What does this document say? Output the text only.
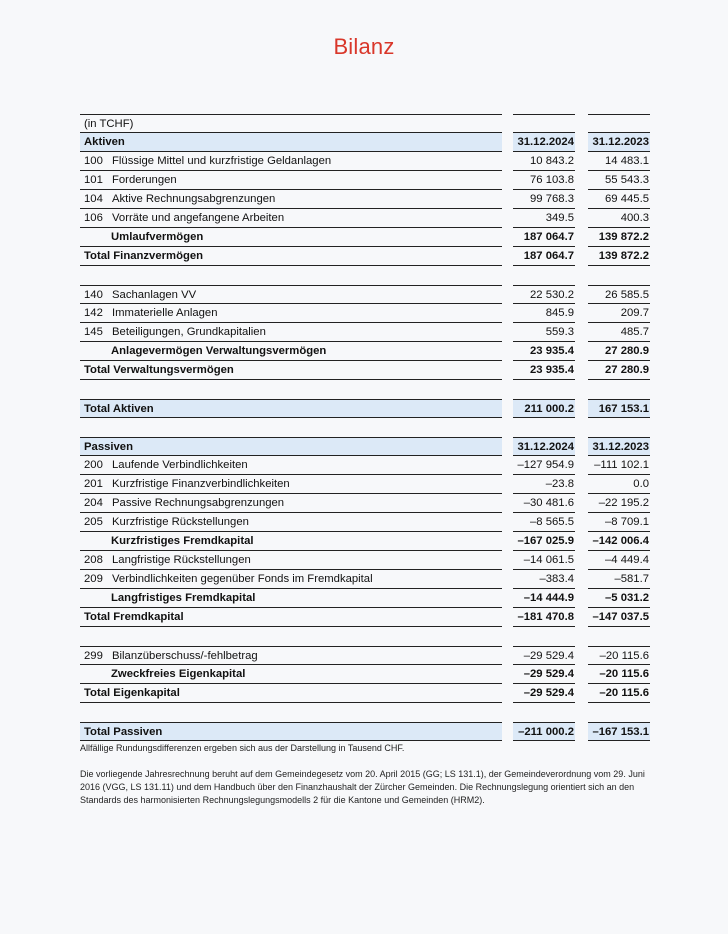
Bilanz
(in TCHF)
Aktiven	31.12.2024	31.12.2023
100 Flüssige Mittel und kurzfristige Geldanlagen	10 843.2	14 483.1
101 Forderungen	76 103.8	55 543.3
104 Aktive Rechnungsabgrenzungen	99 768.3	69 445.5
106 Vorräte und angefangene Arbeiten	349.5	400.3
Umlaufvermögen	187 064.7	139 872.2
Total Finanzvermögen	187 064.7	139 872.2
140 Sachanlagen VV	22 530.2	26 585.5
142 Immaterielle Anlagen	845.9	209.7
145 Beteiligungen, Grundkapitalien	559.3	485.7
Anlagevermögen Verwaltungsvermögen	23 935.4	27 280.9
Total Verwaltungsvermögen	23 935.4	27 280.9
Total Aktiven	211 000.2	167 153.1
Passiven	31.12.2024	31.12.2023
200 Laufende Verbindlichkeiten	–127 954.9	–111 102.1
201 Kurzfristige Finanzverbindlichkeiten	–23.8	0.0
204 Passive Rechnungsabgrenzungen	–30 481.6	–22 195.2
205 Kurzfristige Rückstellungen	–8 565.5	–8 709.1
Kurzfristiges Fremdkapital	–167 025.9	–142 006.4
208 Langfristige Rückstellungen	–14 061.5	–4 449.4
209 Verbindlichkeiten gegenüber Fonds im Fremdkapital	–383.4	–581.7
Langfristiges Fremdkapital	–14 444.9	–5 031.2
Total Fremdkapital	–181 470.8	–147 037.5
299 Bilanzüberschuss/-fehlbetrag	–29 529.4	–20 115.6
Zweckfreies Eigenkapital	–29 529.4	–20 115.6
Total Eigenkapital	–29 529.4	–20 115.6
Total Passiven	–211 000.2	–167 153.1
Allfällige Rundungsdifferenzen ergeben sich aus der Darstellung in Tausend CHF.
Die vorliegende Jahresrechnung beruht auf dem Gemeindegesetz vom 20. April 2015 (GG; LS 131.1), der Gemeindeverordnung vom 29. Juni 2016 (VGG, LS 131.11) und dem Handbuch über den Finanzhaushalt der Zürcher Gemeinden. Die Rechnungslegung orientiert sich an den Standards des harmonisierten Rechnungslegungsmodells 2 für die Kantone und Gemeinden (HRM2).
